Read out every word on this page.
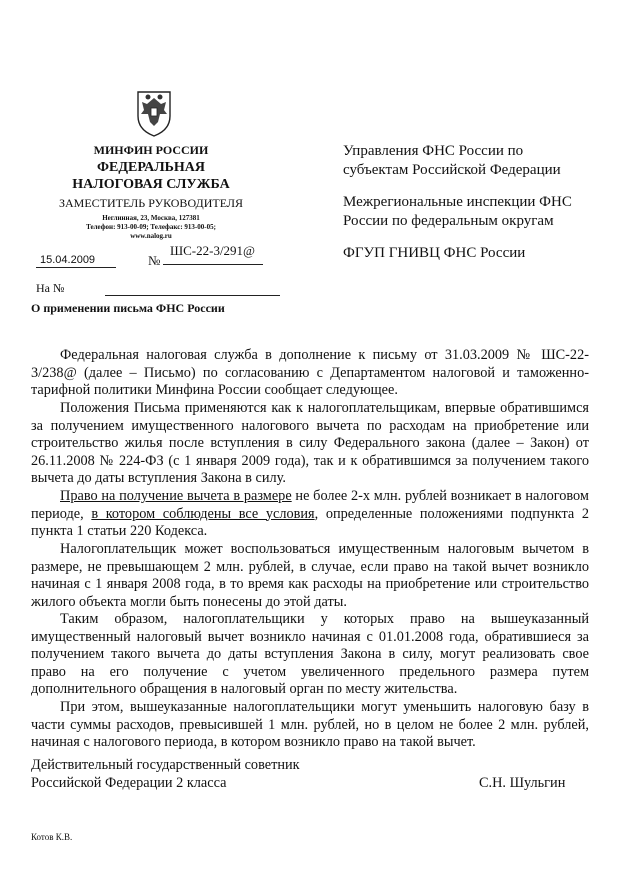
МИНФИН РОССИИ
ФЕДЕРАЛЬНАЯ
НАЛОГОВАЯ СЛУЖБА
ЗАМЕСТИТЕЛЬ РУКОВОДИТЕЛЯ
Неглинная, 23, Москва, 127381
Телефон: 913-00-09; Телефакс: 913-00-05;
www.nalog.ru
15.04.2009	№
ШС-22-3/291@
На №
О применении письма ФНС России
Управления ФНС России по
субъектам Российской Федерации
Межрегиональные инспекции ФНС
России по федеральным округам
ФГУП ГНИВЦ ФНС России
Федеральная налоговая служба в дополнение к письму от 31.03.2009 № ШС-22-3/238@ (далее – Письмо) по согласованию с Департаментом налоговой и таможенно-тарифной политики Минфина России сообщает следующее.
Положения Письма применяются как к налогоплательщикам, впервые обратившимся за получением имущественного налогового вычета по расходам на приобретение или строительство жилья после вступления в силу Федерального закона (далее – Закон) от 26.11.2008 № 224-ФЗ (с 1 января 2009 года), так и к обратившимся за получением такого вычета до даты вступления Закона в силу.
Право на получение вычета в размере не более 2-х млн. рублей возникает в налоговом периоде, в котором соблюдены все условия, определенные положениями подпункта 2 пункта 1 статьи 220 Кодекса.
Налогоплательщик может воспользоваться имущественным налоговым вычетом в размере, не превышающем 2 млн. рублей, в случае, если право на такой вычет возникло начиная с 1 января 2008 года, в то время как расходы на приобретение или строительство жилого объекта могли быть понесены до этой даты.
Таким образом, налогоплательщики у которых право на вышеуказанный имущественный налоговый вычет возникло начиная с 01.01.2008 года, обратившиеся за получением такого вычета до даты вступления Закона в силу, могут реализовать свое право на его получение с учетом увеличенного предельного размера путем дополнительного обращения в налоговый орган по месту жительства.
При этом, вышеуказанные налогоплательщики могут уменьшить налоговую базу в части суммы расходов, превысившей 1 млн. рублей, но в целом не более 2 млн. рублей, начиная с налогового периода, в котором возникло право на такой вычет.
Действительный государственный советник
Российской Федерации 2 класса	С.Н. Шульгин
Котов К.В.
